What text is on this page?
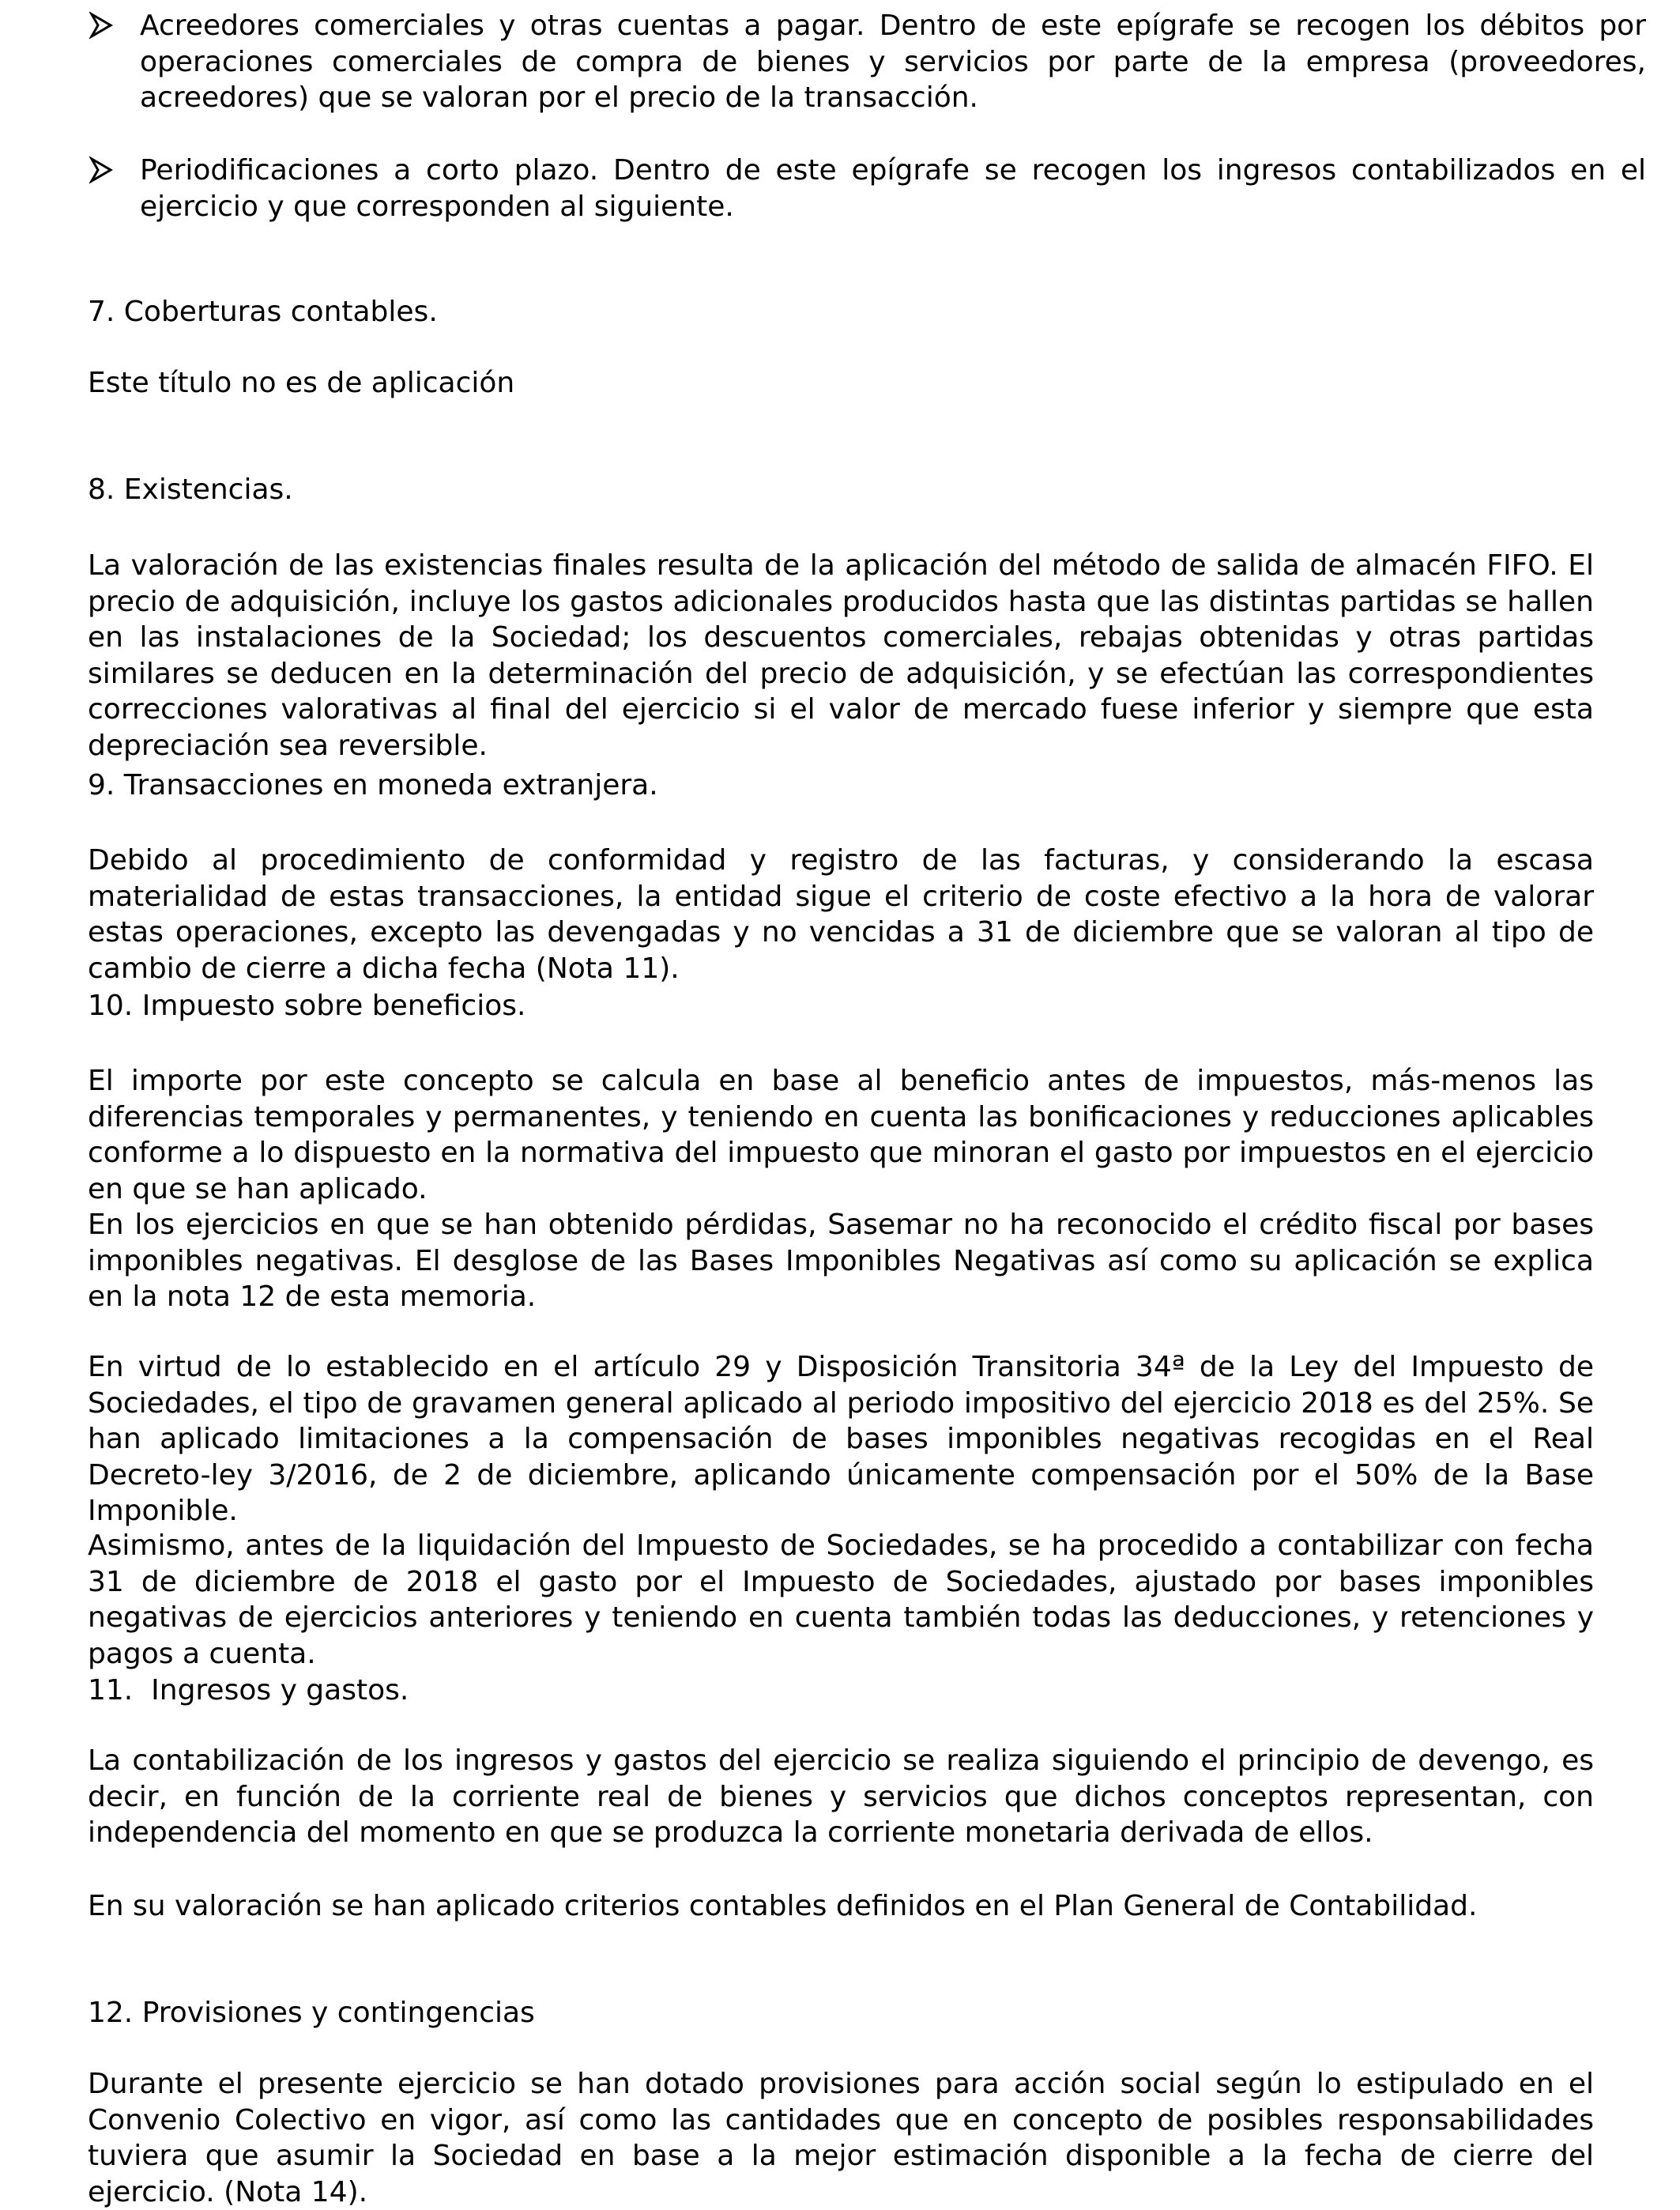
Acreedores comerciales y otras cuentas a pagar. Dentro de este epígrafe se recogen los débitos por operaciones comerciales de compra de bienes y servicios por parte de la empresa (proveedores, acreedores) que se valoran por el precio de la transacción.

Periodificaciones a corto plazo. Dentro de este epígrafe se recogen los ingresos contabilizados en el ejercicio y que corresponden al siguiente.

7. Coberturas contables.

Este título no es de aplicación

8. Existencias.

La valoración de las existencias finales resulta de la aplicación del método de salida de almacén FIFO. El precio de adquisición, incluye los gastos adicionales producidos hasta que las distintas partidas se hallen en las instalaciones de la Sociedad; los descuentos comerciales, rebajas obtenidas y otras partidas similares se deducen en la determinación del precio de adquisición, y se efectúan las correspondientes correcciones valorativas al final del ejercicio si el valor de mercado fuese inferior y siempre que esta depreciación sea reversible.

9. Transacciones en moneda extranjera.

Debido al procedimiento de conformidad y registro de las facturas, y considerando la escasa materialidad de estas transacciones, la entidad sigue el criterio de coste efectivo a la hora de valorar estas operaciones, excepto las devengadas y no vencidas a 31 de diciembre que se valoran al tipo de cambio de cierre a dicha fecha (Nota 11).

10. Impuesto sobre beneficios.

El importe por este concepto se calcula en base al beneficio antes de impuestos, más-menos las diferencias temporales y permanentes, y teniendo en cuenta las bonificaciones y reducciones aplicables conforme a lo dispuesto en la normativa del impuesto que minoran el gasto por impuestos en el ejercicio en que se han aplicado.

En los ejercicios en que se han obtenido pérdidas, Sasemar no ha reconocido el crédito fiscal por bases imponibles negativas. El desglose de las Bases Imponibles Negativas así como su aplicación se explica en la nota 12 de esta memoria.

En virtud de lo establecido en el artículo 29 y Disposición Transitoria 34ª de la Ley del Impuesto de Sociedades, el tipo de gravamen general aplicado al periodo impositivo del ejercicio 2018 es del 25%. Se han aplicado limitaciones a la compensación de bases imponibles negativas recogidas en el Real Decreto-ley 3/2016, de 2 de diciembre, aplicando únicamente compensación por el 50% de la Base Imponible.

Asimismo, antes de la liquidación del Impuesto de Sociedades, se ha procedido a contabilizar con fecha 31 de diciembre de 2018 el gasto por el Impuesto de Sociedades, ajustado por bases imponibles negativas de ejercicios anteriores y teniendo en cuenta también todas las deducciones, y retenciones y pagos a cuenta.

11.  Ingresos y gastos.

La contabilización de los ingresos y gastos del ejercicio se realiza siguiendo el principio de devengo, es decir, en función de la corriente real de bienes y servicios que dichos conceptos representan, con independencia del momento en que se produzca la corriente monetaria derivada de ellos.

En su valoración se han aplicado criterios contables definidos en el Plan General de Contabilidad.

12. Provisiones y contingencias

Durante el presente ejercicio se han dotado provisiones para acción social según lo estipulado en el Convenio Colectivo en vigor, así como las cantidades que en concepto de posibles responsabilidades tuviera que asumir la Sociedad en base a la mejor estimación disponible a la fecha de cierre del ejercicio. (Nota 14).
